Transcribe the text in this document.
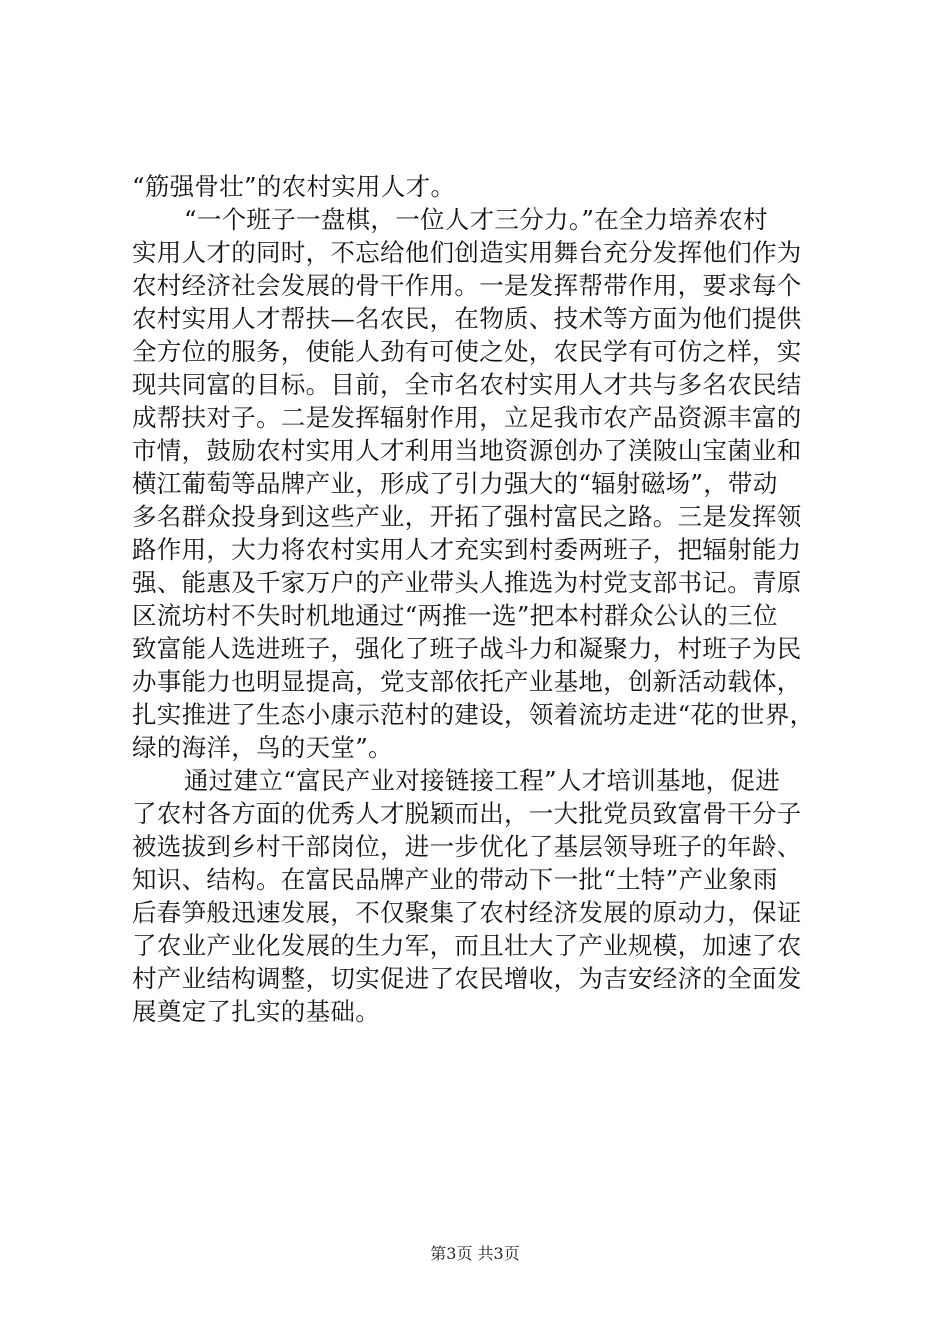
“筋强骨壮”的农村实用人才。
“一个班子一盘棋，一位人才三分力。”在全力培养农村
实用人才的同时，不忘给他们创造实用舞台充分发挥他们作为
农村经济社会发展的骨干作用。一是发挥帮带作用，要求每个
农村实用人才帮扶—名农民，在物质、技术等方面为他们提供
全方位的服务，使能人劲有可使之处，农民学有可仿之样，实
现共同富的目标。目前，全市名农村实用人才共与多名农民结
成帮扶对子。二是发挥辐射作用，立足我市农产品资源丰富的
市情，鼓励农村实用人才利用当地资源创办了渼陂山宝菌业和
横江葡萄等品牌产业，形成了引力强大的“辐射磁场”，带动
多名群众投身到这些产业，开拓了强村富民之路。三是发挥领
路作用，大力将农村实用人才充实到村委两班子，把辐射能力
强、能惠及千家万户的产业带头人推选为村党支部书记。青原
区流坊村不失时机地通过“两推一选”把本村群众公认的三位
致富能人选进班子，强化了班子战斗力和凝聚力，村班子为民
办事能力也明显提高，党支部依托产业基地，创新活动载体，
扎实推进了生态小康示范村的建设，领着流坊走进“花的世界，
绿的海洋，鸟的天堂”。
通过建立“富民产业对接链接工程”人才培训基地，促进
了农村各方面的优秀人才脱颖而出，一大批党员致富骨干分子
被选拔到乡村干部岗位，进一步优化了基层领导班子的年龄、
知识、结构。在富民品牌产业的带动下一批“土特”产业象雨
后春笋般迅速发展，不仅聚集了农村经济发展的原动力，保证
了农业产业化发展的生力军，而且壮大了产业规模，加速了农
村产业结构调整，切实促进了农民增收，为吉安经济的全面发
展奠定了扎实的基础。
第3页 共3页
